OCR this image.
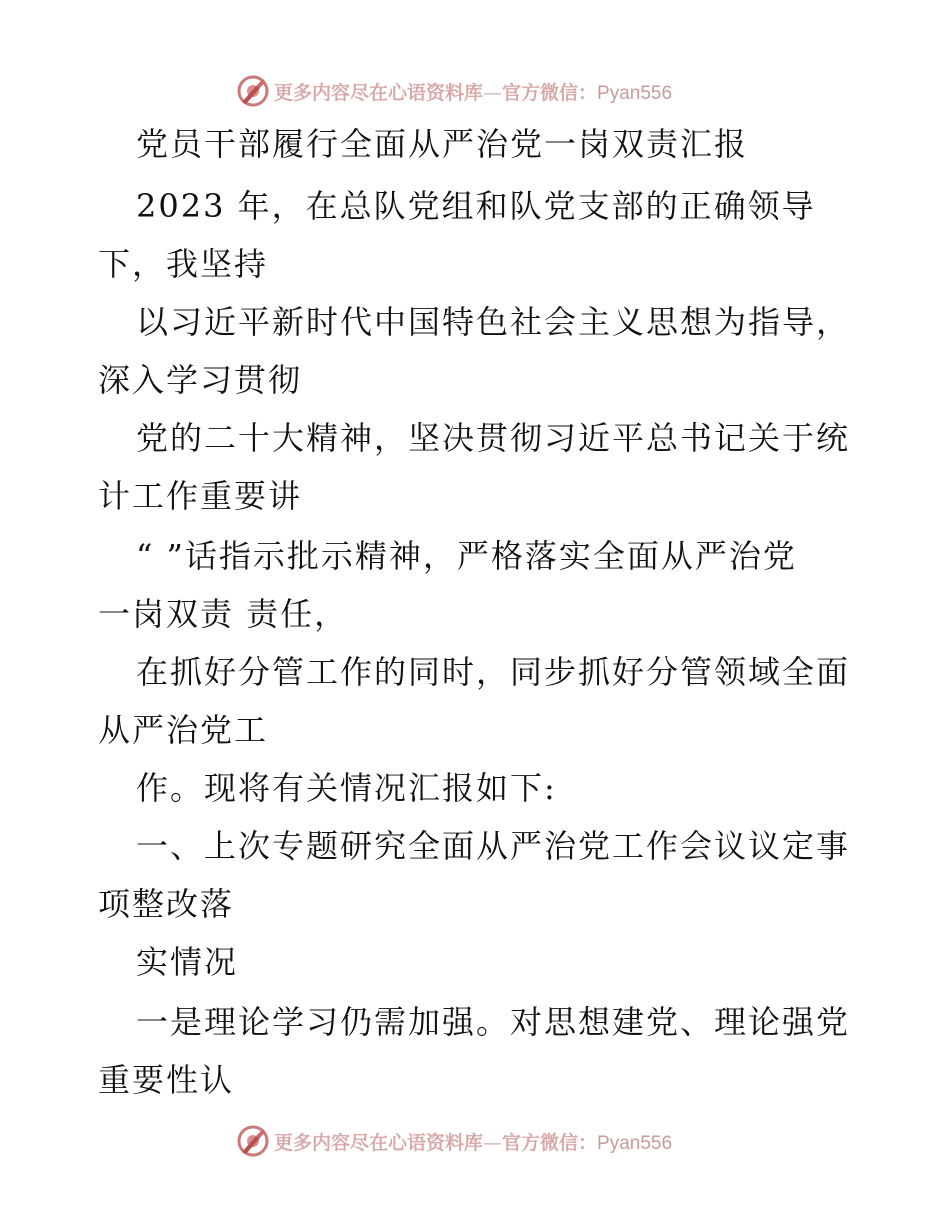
更多内容尽在心语资料库—官方微信：Pyan556
党员干部履行全面从严治党一岗双责汇报
2023 年，在总队党组和队党支部的正确领导
下，我坚持
以习近平新时代中国特色社会主义思想为指导，
深入学习贯彻
党的二十大精神，坚决贯彻习近平总书记关于统
计工作重要讲
“ ”话指示批示精神，严格落实全面从严治党
一岗双责 责任，
在抓好分管工作的同时，同步抓好分管领域全面
从严治党工
作。现将有关情况汇报如下:
一、上次专题研究全面从严治党工作会议议定事
项整改落
实情况
一是理论学习仍需加强。对思想建党、理论强党
重要性认
更多内容尽在心语资料库—官方微信：Pyan556
